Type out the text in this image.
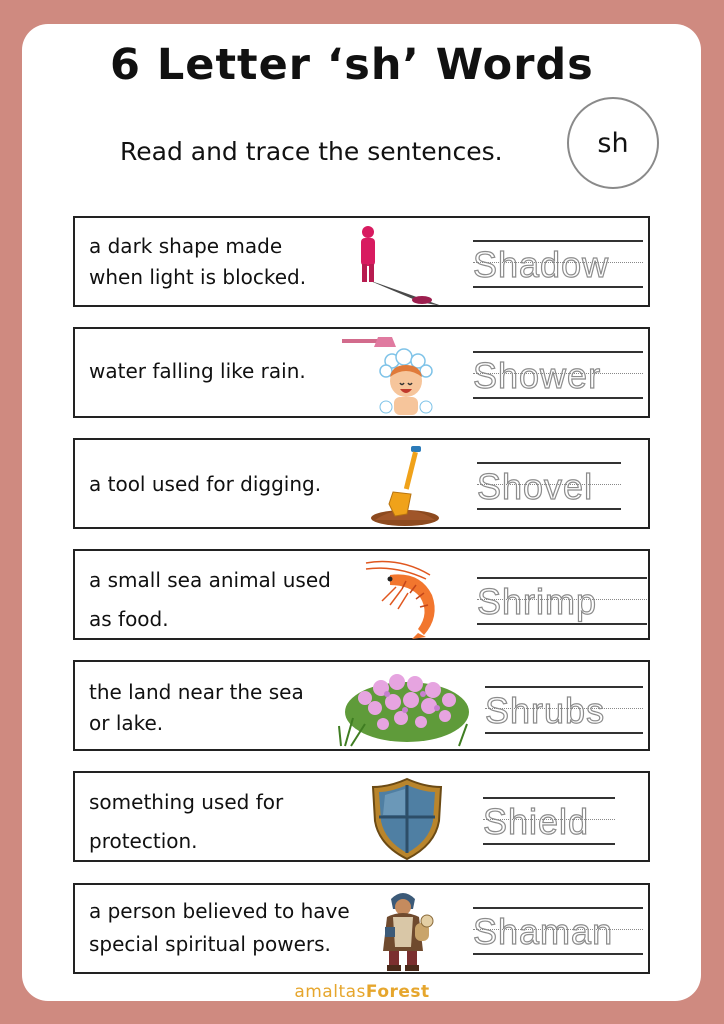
6 Letter ‘sh’ Words
Read and trace the sentences.	sh
a dark shape made
when light is blocked.	Shadow
water falling like rain.	Shower
a tool used for digging.	Shovel
a small sea animal used
as food.	Shrimp
the land near the sea
or lake.	Shrubs
something used for
protection.	Shield
a person believed to have
special spiritual powers.	Shaman
amaltasForest
